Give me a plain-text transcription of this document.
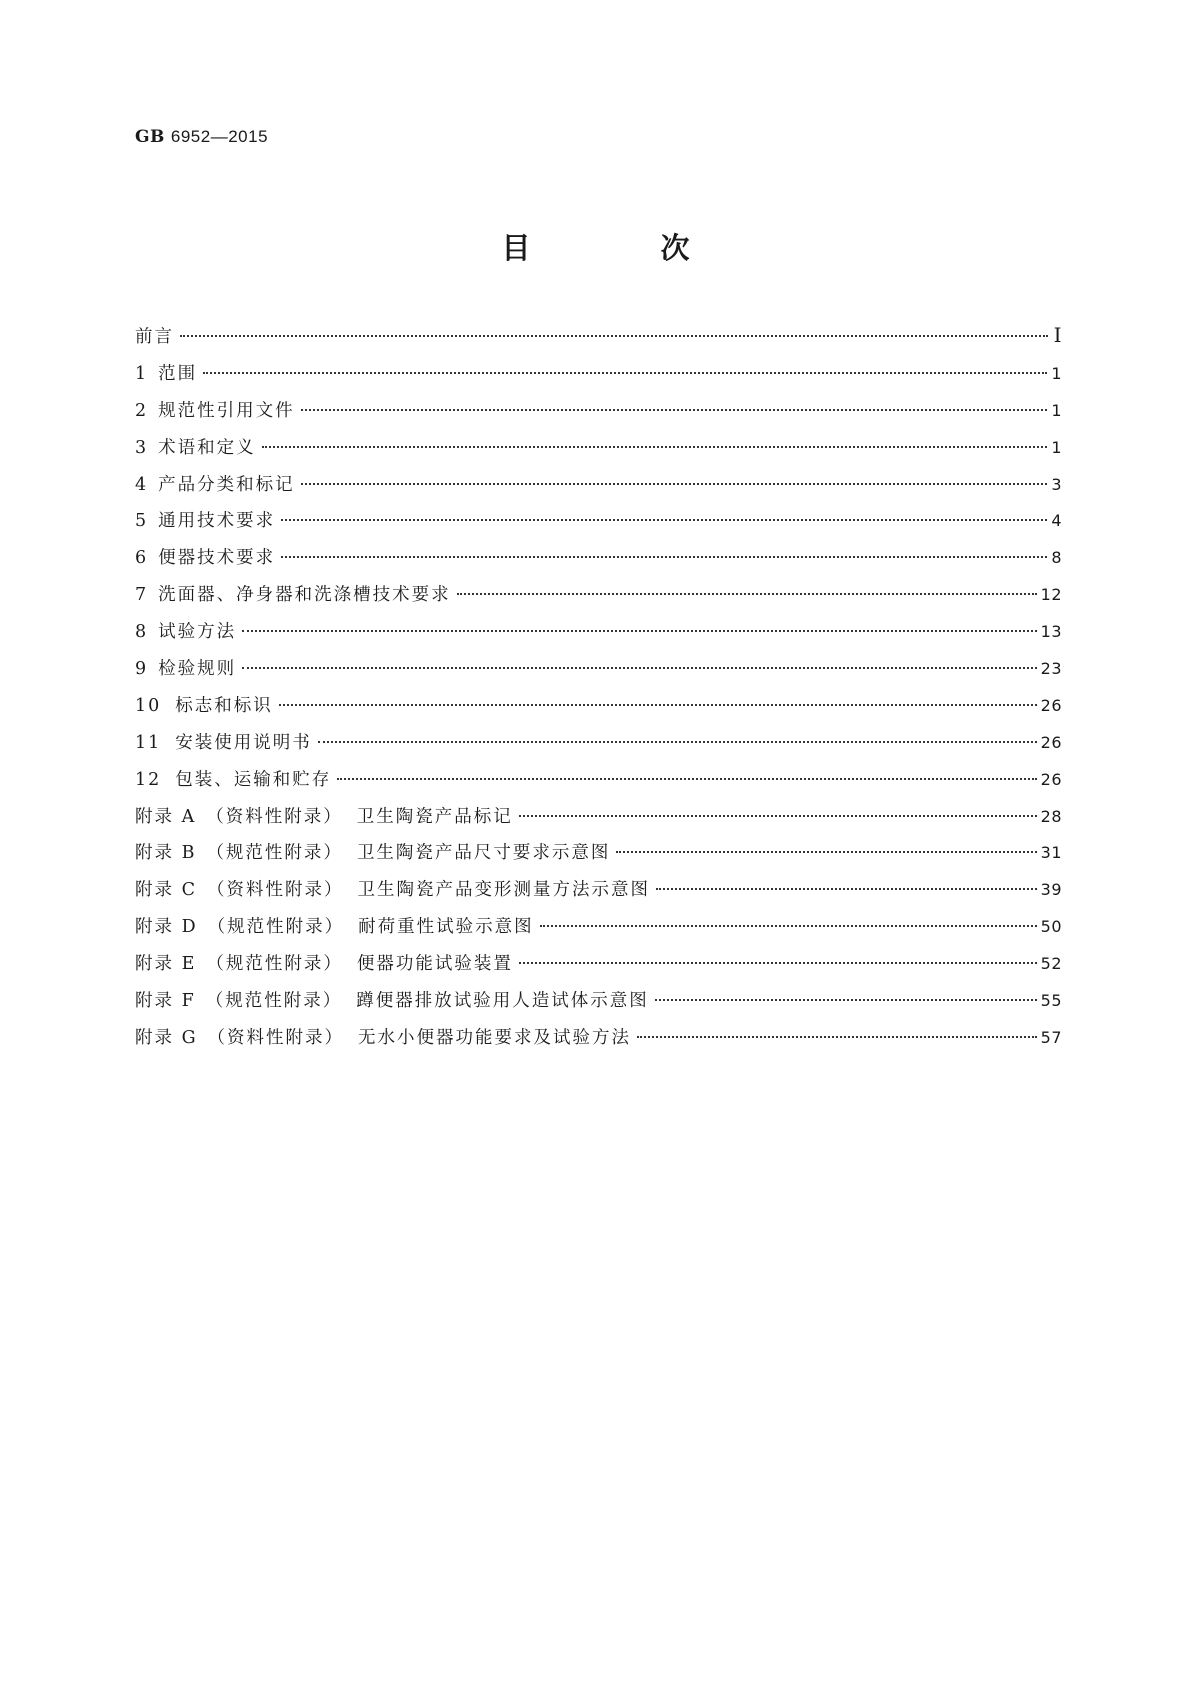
GB 6952—2015
目 次
前言	Ⅰ
1 范围	1
2 规范性引用文件	1
3 术语和定义	1
4 产品分类和标记	3
5 通用技术要求	4
6 便器技术要求	8
7 洗面器、净身器和洗涤槽技术要求	12
8 试验方法	13
9 检验规则	23
10 标志和标识	26
11 安装使用说明书	26
12 包装、运输和贮存	26
附录 A （资料性附录） 卫生陶瓷产品标记	28
附录 B （规范性附录） 卫生陶瓷产品尺寸要求示意图	31
附录 C （资料性附录） 卫生陶瓷产品变形测量方法示意图	39
附录 D （规范性附录） 耐荷重性试验示意图	50
附录 E （规范性附录） 便器功能试验装置	52
附录 F （规范性附录） 蹲便器排放试验用人造试体示意图	55
附录 G （资料性附录） 无水小便器功能要求及试验方法	57
